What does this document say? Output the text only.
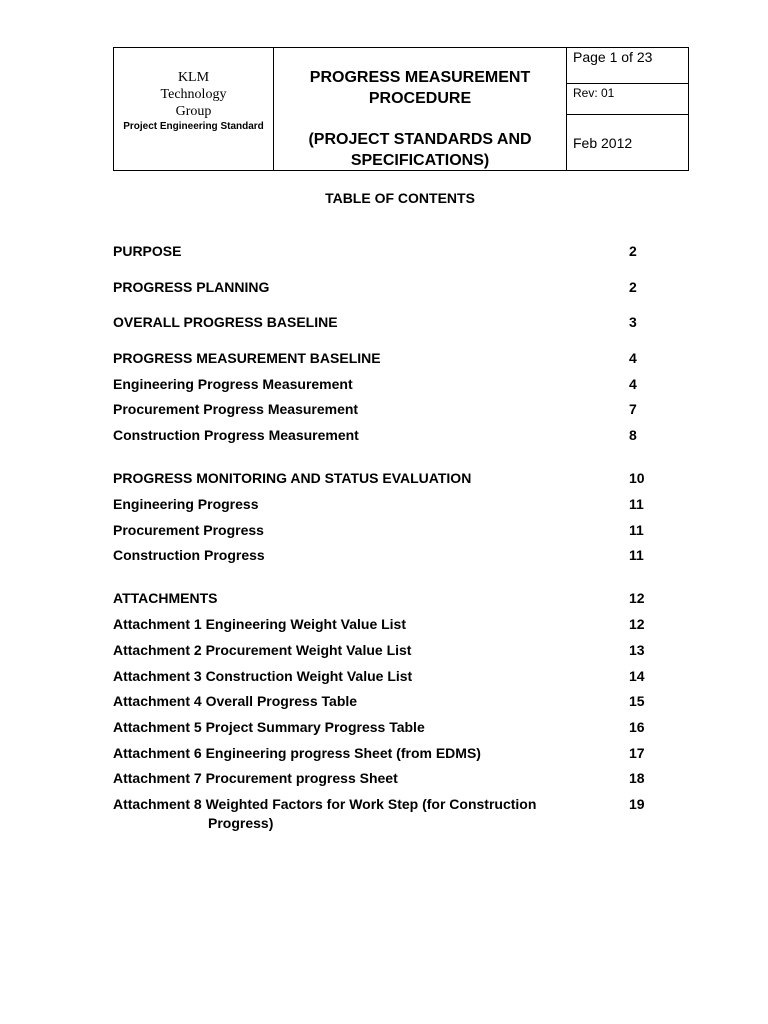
KLM Technology Group
Project Engineering Standard
PROGRESS MEASUREMENT PROCEDURE
(PROJECT STANDARDS AND SPECIFICATIONS)
Page 1 of 23
Rev: 01
Feb 2012
TABLE OF CONTENTS
PURPOSE	2
PROGRESS PLANNING	2
OVERALL PROGRESS BASELINE	3
PROGRESS MEASUREMENT BASELINE	4
Engineering Progress Measurement	4
Procurement Progress Measurement	7
Construction Progress Measurement	8
PROGRESS MONITORING AND STATUS EVALUATION	10
Engineering Progress	11
Procurement Progress	11
Construction Progress	11
ATTACHMENTS	12
Attachment 1 Engineering Weight Value List	12
Attachment 2 Procurement Weight Value List	13
Attachment 3 Construction Weight Value List	14
Attachment 4 Overall Progress Table	15
Attachment 5 Project Summary Progress Table	16
Attachment 6 Engineering progress Sheet (from EDMS)	17
Attachment 7 Procurement progress Sheet	18
Attachment 8 Weighted Factors for Work Step (for Construction	19

Progress)
